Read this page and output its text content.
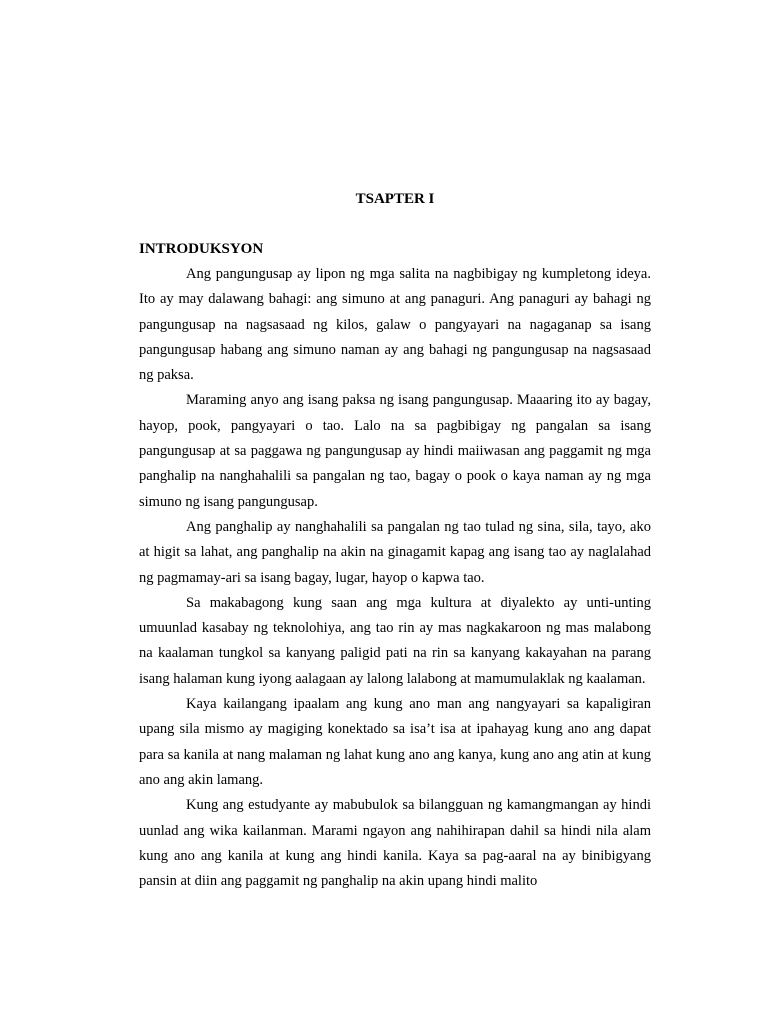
TSAPTER I
INTRODUKSYON

Ang pangungusap ay lipon ng mga salita na nagbibigay ng kumpletong ideya. Ito ay may dalawang bahagi: ang simuno at ang panaguri. Ang panaguri ay bahagi ng pangungusap na nagsasaad ng kilos, galaw o pangyayari na nagaganap sa isang pangungusap habang ang simuno naman ay ang bahagi ng pangungusap na nagsasaad ng paksa.

Maraming anyo ang isang paksa ng isang pangungusap. Maaaring ito ay bagay, hayop, pook, pangyayari o tao. Lalo na sa pagbibigay ng pangalan sa isang pangungusap at sa paggawa ng pangungusap ay hindi maiiwasan ang paggamit ng mga panghalip na nanghahalili sa pangalan ng tao, bagay o pook o kaya naman ay ng mga simuno ng isang pangungusap.

Ang panghalip ay nanghahalili sa pangalan ng tao tulad ng sina, sila, tayo, ako at higit sa lahat, ang panghalip na akin na ginagamit kapag ang isang tao ay naglalahad ng pagmamay-ari sa isang bagay, lugar, hayop o kapwa tao.

Sa makabagong kung saan ang mga kultura at diyalekto ay unti-unting umuunlad kasabay ng teknolohiya, ang tao rin ay mas nagkakaroon ng mas malabong na kaalaman tungkol sa kanyang paligid pati na rin sa kanyang kakayahan na parang isang halaman kung iyong aalagaan ay lalong lalabong at mamumulaklak ng kaalaman.

Kaya kailangang ipaalam ang kung ano man ang nangyayari sa kapaligiran upang sila mismo ay magiging konektado sa isa’t isa at ipahayag kung ano ang dapat para sa kanila at nang malaman ng lahat kung ano ang kanya, kung ano ang atin at kung ano ang akin lamang.

Kung ang estudyante ay mabubulok sa bilangguan ng kamangmangan ay hindi uunlad ang wika kailanman. Marami ngayon ang nahihirapan dahil sa hindi nila alam kung ano ang kanila at kung ang hindi kanila. Kaya sa pag-aaral na ay binibigyang pansin at diin ang paggamit ng panghalip na akin upang hindi malito
